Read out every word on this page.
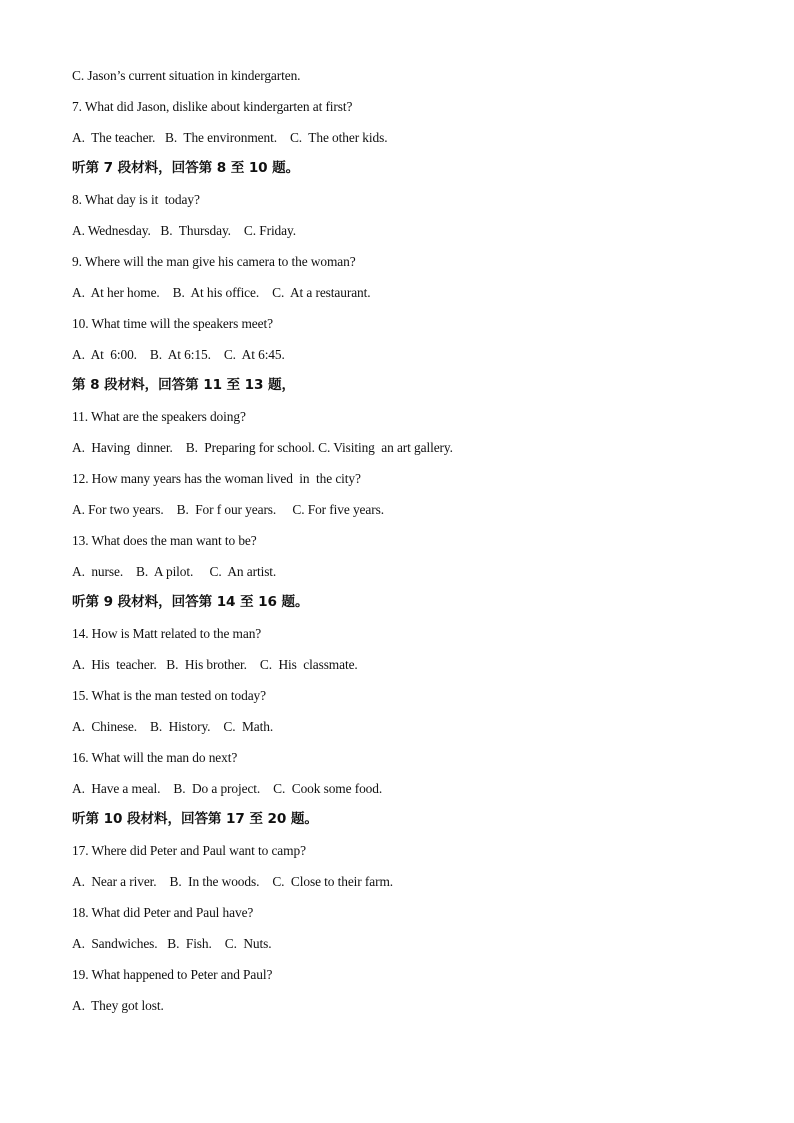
C. Jason’s current situation in kindergarten.
7. What did Jason, dislike about kindergarten at first?
A.  The teacher.   B.  The environment.    C.  The other kids.
听第 7 段材料，回答第 8 至 10 题。
8. What day is it  today?
A. Wednesday.   B.  Thursday.    C. Friday.
9. Where will the man give his camera to the woman?
A.  At her home.    B.  At his office.    C.  At a restaurant.
10. What time will the speakers meet?
A.  At  6:00.    B.  At 6:15.    C.  At 6:45.
第 8 段材料，回答第 11 至 13 题，
11. What are the speakers doing?
A.  Having  dinner.    B.  Preparing for school. C. Visiting  an art gallery.
12. How many years has the woman lived  in  the city?
A. For two years.    B.  For f our years.     C. For five years.
13. What does the man want to be?
A.  nurse.    B.  A pilot.     C.  An artist.
听第 9 段材料，回答第 14 至 16 题。
14. How is Matt related to the man?
A.  His  teacher.   B.  His brother.    C.  His  classmate.
15. What is the man tested on today?
A.  Chinese.    B.  History.    C.  Math.
16. What will the man do next?
A.  Have a meal.    B.  Do a project.    C.  Cook some food.
听第 10 段材料，回答第 17 至 20 题。
17. Where did Peter and Paul want to camp?
A.  Near a river.    B.  In the woods.    C.  Close to their farm.
18. What did Peter and Paul have?
A.  Sandwiches.   B.  Fish.    C.  Nuts.
19. What happened to Peter and Paul?
A.  They got lost.
